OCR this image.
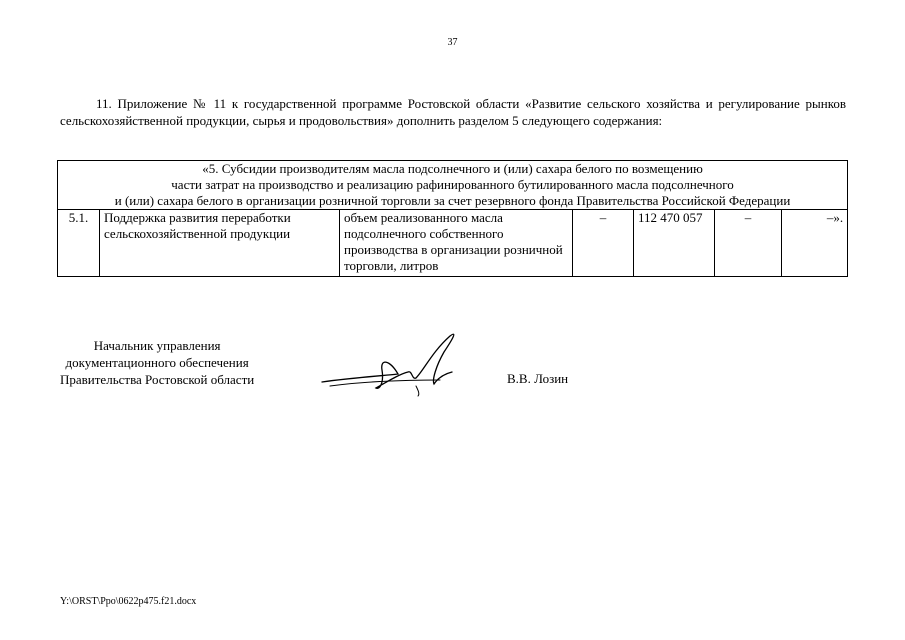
37
11. Приложение № 11 к государственной программе Ростовской области «Развитие сельского хозяйства и регулирование рынков сельскохозяйственной продукции, сырья и продовольствия» дополнить разделом 5 следующего содержания:
«5. Субсидии производителям масла подсолнечного и (или) сахара белого по возмещению
части затрат на производство и реализацию рафинированного бутилированного масла подсолнечного
и (или) сахара белого в организации розничной торговли за счет резервного фонда Правительства Российской Федерации

5.1.	Поддержка развития переработки сельскохозяйственной продукции	объем реализованного масла подсолнечного собственного производства в организации розничной торговли, литров	–	112 470 057	–	–».
Начальник управления
документационного обеспечения
Правительства Ростовской области	В.В. Лозин
Y:\ORST\Ppo\0622p475.f21.docx
